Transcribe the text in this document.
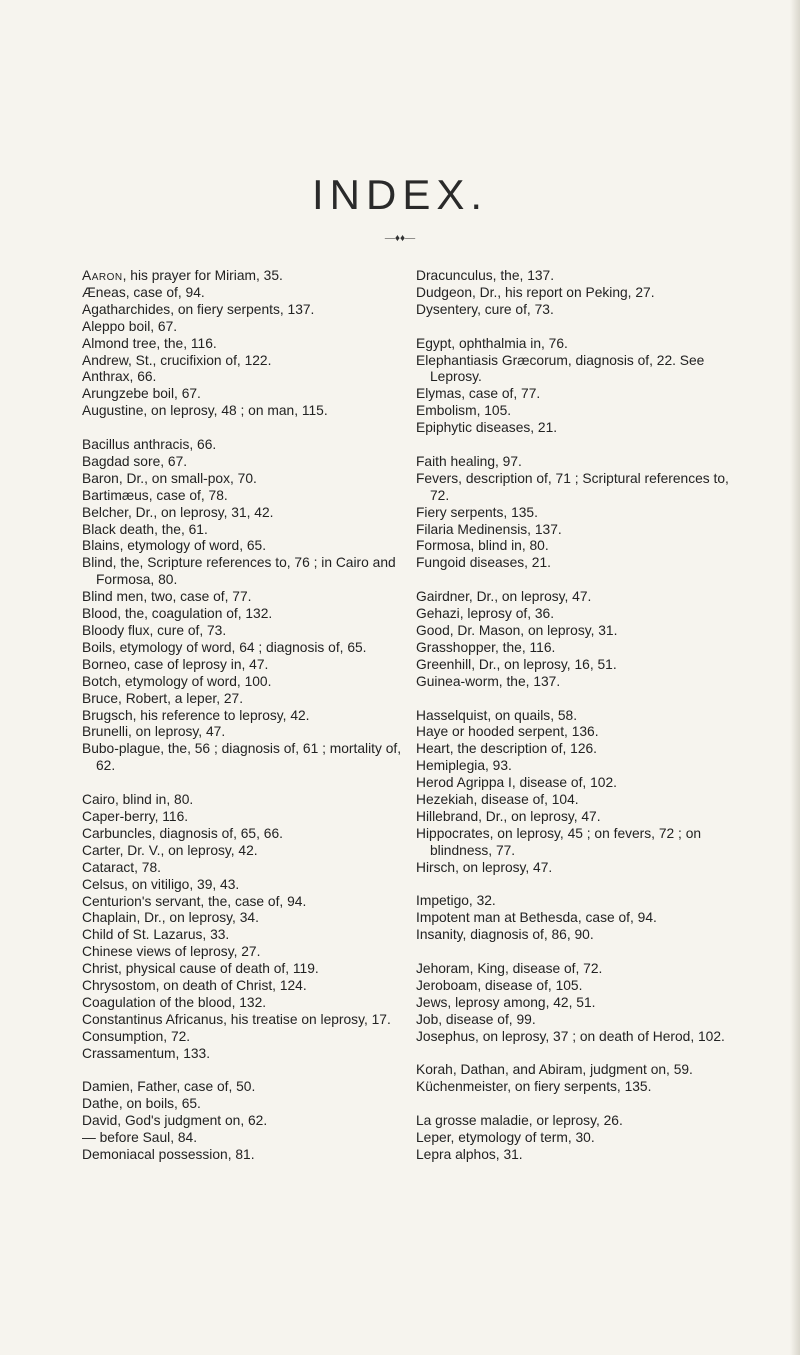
INDEX.
—♦♦—
Aaron, his prayer for Miriam, 35.
Æneas, case of, 94.
Agatharchides, on fiery serpents, 137.
Aleppo boil, 67.
Almond tree, the, 116.
Andrew, St., crucifixion of, 122.
Anthrax, 66.
Arungzebe boil, 67.
Augustine, on leprosy, 48 ; on man, 115.
Bacillus anthracis, 66.
Bagdad sore, 67.
Baron, Dr., on small-pox, 70.
Bartimæus, case of, 78.
Belcher, Dr., on leprosy, 31, 42.
Black death, the, 61.
Blains, etymology of word, 65.
Blind, the, Scripture references to, 76 ; in Cairo and Formosa, 80.
Blind men, two, case of, 77.
Blood, the, coagulation of, 132.
Bloody flux, cure of, 73.
Boils, etymology of word, 64 ; diagnosis of, 65.
Borneo, case of leprosy in, 47.
Botch, etymology of word, 100.
Bruce, Robert, a leper, 27.
Brugsch, his reference to leprosy, 42.
Brunelli, on leprosy, 47.
Bubo-plague, the, 56 ; diagnosis of, 61 ; mortality of, 62.
Cairo, blind in, 80.
Caper-berry, 116.
Carbuncles, diagnosis of, 65, 66.
Carter, Dr. V., on leprosy, 42.
Cataract, 78.
Celsus, on vitiligo, 39, 43.
Centurion's servant, the, case of, 94.
Chaplain, Dr., on leprosy, 34.
Child of St. Lazarus, 33.
Chinese views of leprosy, 27.
Christ, physical cause of death of, 119.
Chrysostom, on death of Christ, 124.
Coagulation of the blood, 132.
Constantinus Africanus, his treatise on leprosy, 17.
Consumption, 72.
Crassamentum, 133.
Damien, Father, case of, 50.
Dathe, on boils, 65.
David, God's judgment on, 62.
— before Saul, 84.
Demoniacal possession, 81.
Dracunculus, the, 137.
Dudgeon, Dr., his report on Peking, 27.
Dysentery, cure of, 73.
Egypt, ophthalmia in, 76.
Elephantiasis Græcorum, diagnosis of, 22. See Leprosy.
Elymas, case of, 77.
Embolism, 105.
Epiphytic diseases, 21.
Faith healing, 97.
Fevers, description of, 71 ; Scriptural references to, 72.
Fiery serpents, 135.
Filaria Medinensis, 137.
Formosa, blind in, 80.
Fungoid diseases, 21.
Gairdner, Dr., on leprosy, 47.
Gehazi, leprosy of, 36.
Good, Dr. Mason, on leprosy, 31.
Grasshopper, the, 116.
Greenhill, Dr., on leprosy, 16, 51.
Guinea-worm, the, 137.
Hasselquist, on quails, 58.
Haye or hooded serpent, 136.
Heart, the description of, 126.
Hemiplegia, 93.
Herod Agrippa I, disease of, 102.
Hezekiah, disease of, 104.
Hillebrand, Dr., on leprosy, 47.
Hippocrates, on leprosy, 45 ; on fevers, 72 ; on blindness, 77.
Hirsch, on leprosy, 47.
Impetigo, 32.
Impotent man at Bethesda, case of, 94.
Insanity, diagnosis of, 86, 90.
Jehoram, King, disease of, 72.
Jeroboam, disease of, 105.
Jews, leprosy among, 42, 51.
Job, disease of, 99.
Josephus, on leprosy, 37 ; on death of Herod, 102.
Korah, Dathan, and Abiram, judgment on, 59.
Küchenmeister, on fiery serpents, 135.
La grosse maladie, or leprosy, 26.
Leper, etymology of term, 30.
Lepra alphos, 31.
